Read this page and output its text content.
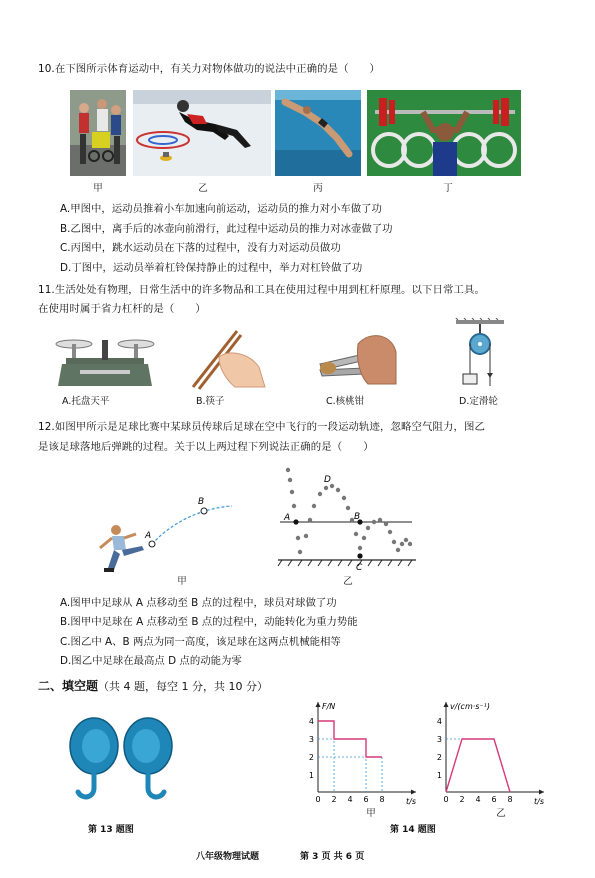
10.在下图所示体育运动中，有关力对物体做功的说法中正确的是（　　）
甲	乙	丙	丁
A.甲图中，运动员推着小车加速向前运动，运动员的推力对小车做了功
B.乙图中，离手后的冰壶向前滑行，此过程中运动员的推力对冰壶做了功
C.丙图中，跳水运动员在下落的过程中，没有力对运动员做功
D.丁图中，运动员举着杠铃保持静止的过程中，举力对杠铃做了功
11.生活处处有物理，日常生活中的许多物品和工具在使用过程中用到杠杆原理。以下日常工具。
在使用时属于省力杠杆的是（　　）
A.托盘天平	B.筷子	C.核桃钳	D.定滑轮
12.如图甲所示是足球比赛中某球员传球后足球在空中飞行的一段运动轨迹，忽略空气阻力，图乙
是该足球落地后弹跳的过程。关于以上两过程下列说法正确的是（　　）
A
B
甲
A	B
D
C
乙
A.图甲中足球从 A 点移动至 B 点的过程中，球员对球做了功
B.图甲中足球在 A 点移动至 B 点的过程中，动能转化为重力势能
C.图乙中 A、B 两点为同一高度，该足球在这两点机械能相等
D.图乙中足球在最高点 D 点的动能为零
二、填空题（共 4 题，每空 1 分，共 10 分）
第 13 题图
F/N
t/s
0 2 4 6 8
1
2
3
4
甲
v/(cm·s⁻¹)
t/s
0 2 4 6 8
1
2
3
4
乙
第 14 题图
八年级物理试题	第 3 页 共 6 页
